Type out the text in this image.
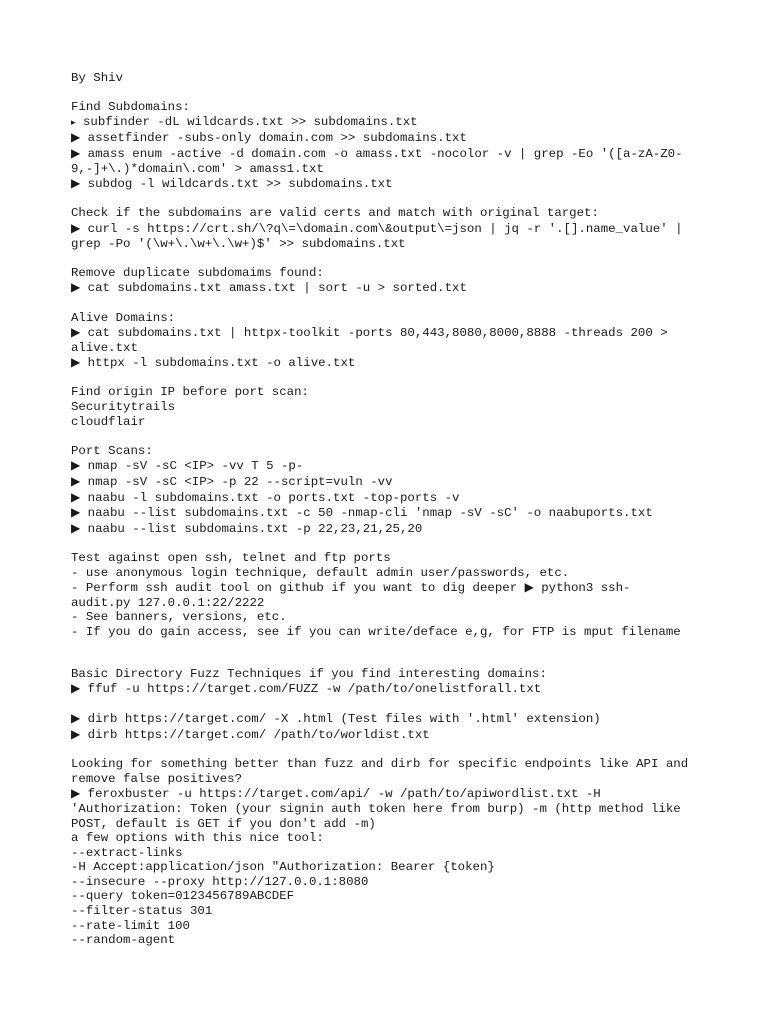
By Shiv
Find Subdomains:
▸ subfinder -dL wildcards.txt >> subdomains.txt
▶ assetfinder -subs-only domain.com >> subdomains.txt
▶ amass enum -active -d domain.com -o amass.txt -nocolor -v | grep -Eo '([a-zA-Z0-
9,-]+\.)*domain\.com' > amass1.txt
▶ subdog -l wildcards.txt >> subdomains.txt
Check if the subdomains are valid certs and match with original target:
▶ curl -s https://crt.sh/\?q\=\domain.com\&output\=json | jq -r '.[].name_value' |
grep -Po '(\w+\.\w+\.\w+)$' >> subdomains.txt
Remove duplicate subdomaims found:
▶ cat subdomains.txt amass.txt | sort -u > sorted.txt
Alive Domains:
▶ cat subdomains.txt | httpx-toolkit -ports 80,443,8080,8000,8888 -threads 200 >
alive.txt
▶ httpx -l subdomains.txt -o alive.txt
Find origin IP before port scan:
Securitytrails
cloudflair
Port Scans:
▶ nmap -sV -sC <IP> -vv T 5 -p-
▶ nmap -sV -sC <IP> -p 22 --script=vuln -vv
▶ naabu -l subdomains.txt -o ports.txt -top-ports -v
▶ naabu --list subdomains.txt -c 50 -nmap-cli 'nmap -sV -sC' -o naabuports.txt
▶ naabu --list subdomains.txt -p 22,23,21,25,20
Test against open ssh, telnet and ftp ports
- use anonymous login technique, default admin user/passwords, etc.
- Perform ssh audit tool on github if you want to dig deeper ▶ python3 ssh-
audit.py 127.0.0.1:22/2222
- See banners, versions, etc.
- If you do gain access, see if you can write/deface e,g, for FTP is mput filename
Basic Directory Fuzz Techniques if you find interesting domains:
▶ ffuf -u https://target.com/FUZZ -w /path/to/onelistforall.txt
▶ dirb https://target.com/ -X .html (Test files with '.html' extension)
▶ dirb https://target.com/ /path/to/worldist.txt
Looking for something better than fuzz and dirb for specific endpoints like API and
remove false positives?
▶ feroxbuster -u https://target.com/api/ -w /path/to/apiwordlist.txt -H
'Authorization: Token (your signin auth token here from burp) -m (http method like
POST, default is GET if you don't add -m)
a few options with this nice tool:
--extract-links
-H Accept:application/json "Authorization: Bearer {token}
--insecure --proxy http://127.0.0.1:8080
--query token=0123456789ABCDEF
--filter-status 301
--rate-limit 100
--random-agent
